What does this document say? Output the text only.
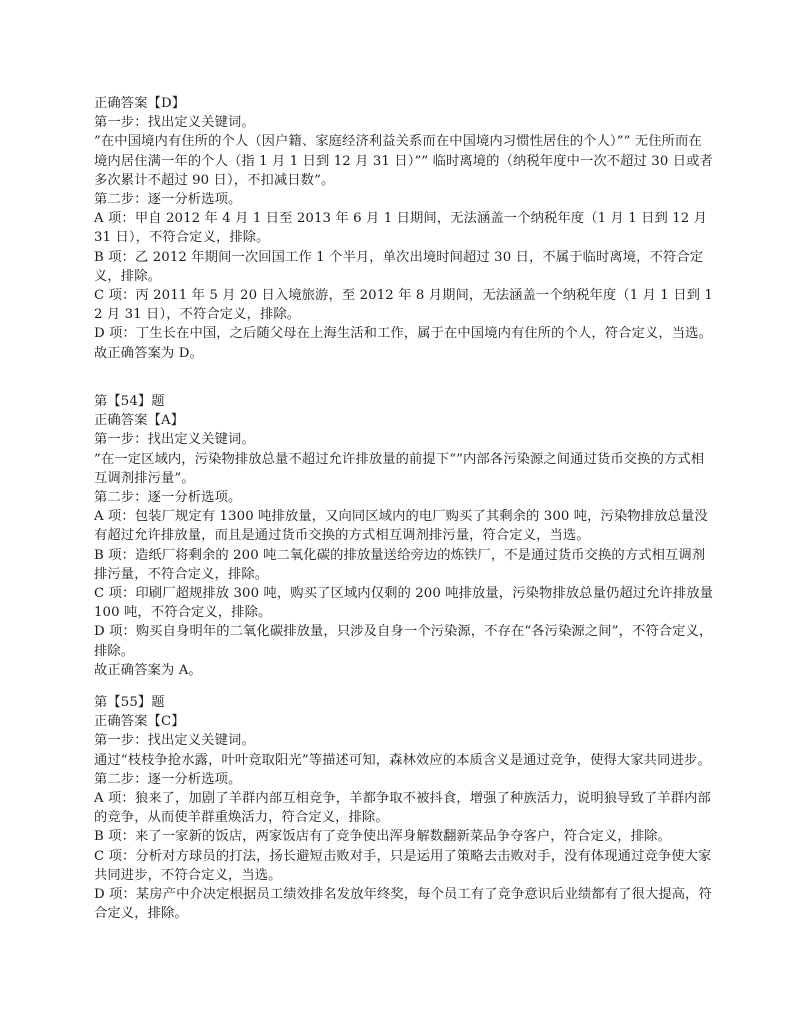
正确答案【D】

第一步：找出定义关键词。

”在中国境内有住所的个人（因户籍、家庭经济利益关系而在中国境内习惯性居住的个人）”” 无住所而在境内居住满一年的个人（指 1 月 1 日到 12 月 31 日）”” 临时离境的（纳税年度中一次不超过 30 日或者多次累计不超过 90 日），不扣减日数”。

第二步：逐一分析选项。

A 项：甲自 2012 年 4 月 1 日至 2013 年 6 月 1 日期间，无法涵盖一个纳税年度（1 月 1 日到 12 月 31 日），不符合定义，排除。

B 项：乙 2012 年期间一次回国工作 1 个半月，单次出境时间超过 30 日，不属于临时离境，不符合定义，排除。

C 项：丙 2011 年 5 月 20 日入境旅游，至 2012 年 8 月期间，无法涵盖一个纳税年度（1 月 1 日到 12 月 31 日），不符合定义，排除。

D 项：丁生长在中国，之后随父母在上海生活和工作，属于在中国境内有住所的个人，符合定义，当选。

故正确答案为 D。

第【54】题

正确答案【A】

第一步：找出定义关键词。

”在一定区域内，污染物排放总量不超过允许排放量的前提下“”内部各污染源之间通过货币交换的方式相互调剂排污量”。

第二步：逐一分析选项。

A 项：包装厂规定有 1300 吨排放量，又向同区域内的电厂购买了其剩余的 300 吨，污染物排放总量没有超过允许排放量，而且是通过货币交换的方式相互调剂排污量，符合定义，当选。

B 项：造纸厂将剩余的 200 吨二氧化碳的排放量送给旁边的炼铁厂，不是通过货币交换的方式相互调剂排污量，不符合定义，排除。

C 项：印刷厂超规排放 300 吨，购买了区域内仅剩的 200 吨排放量，污染物排放总量仍超过允许排放量 100 吨，不符合定义，排除。

D 项：购买自身明年的二氧化碳排放量，只涉及自身一个污染源，不存在“各污染源之间”，不符合定义，排除。

故正确答案为 A。

第【55】题

正确答案【C】

第一步：找出定义关键词。

通过“枝枝争抢水露，叶叶竞取阳光”等描述可知，森林效应的本质含义是通过竞争，使得大家共同进步。

第二步：逐一分析选项。

A 项：狼来了，加剧了羊群内部互相竞争，羊都争取不被抖食，增强了种族活力，说明狼导致了羊群内部的竞争，从而使羊群重焕活力，符合定义，排除。

B 项：来了一家新的饭店，两家饭店有了竞争使出浑身解数翻新菜品争夺客户，符合定义，排除。

C 项：分析对方球员的打法，扬长避短击败对手，只是运用了策略去击败对手，没有体现通过竞争使大家共同进步，不符合定义，当选。

D 项：某房产中介决定根据员工绩效排名发放年终奖，每个员工有了竞争意识后业绩都有了很大提高，符合定义，排除。
